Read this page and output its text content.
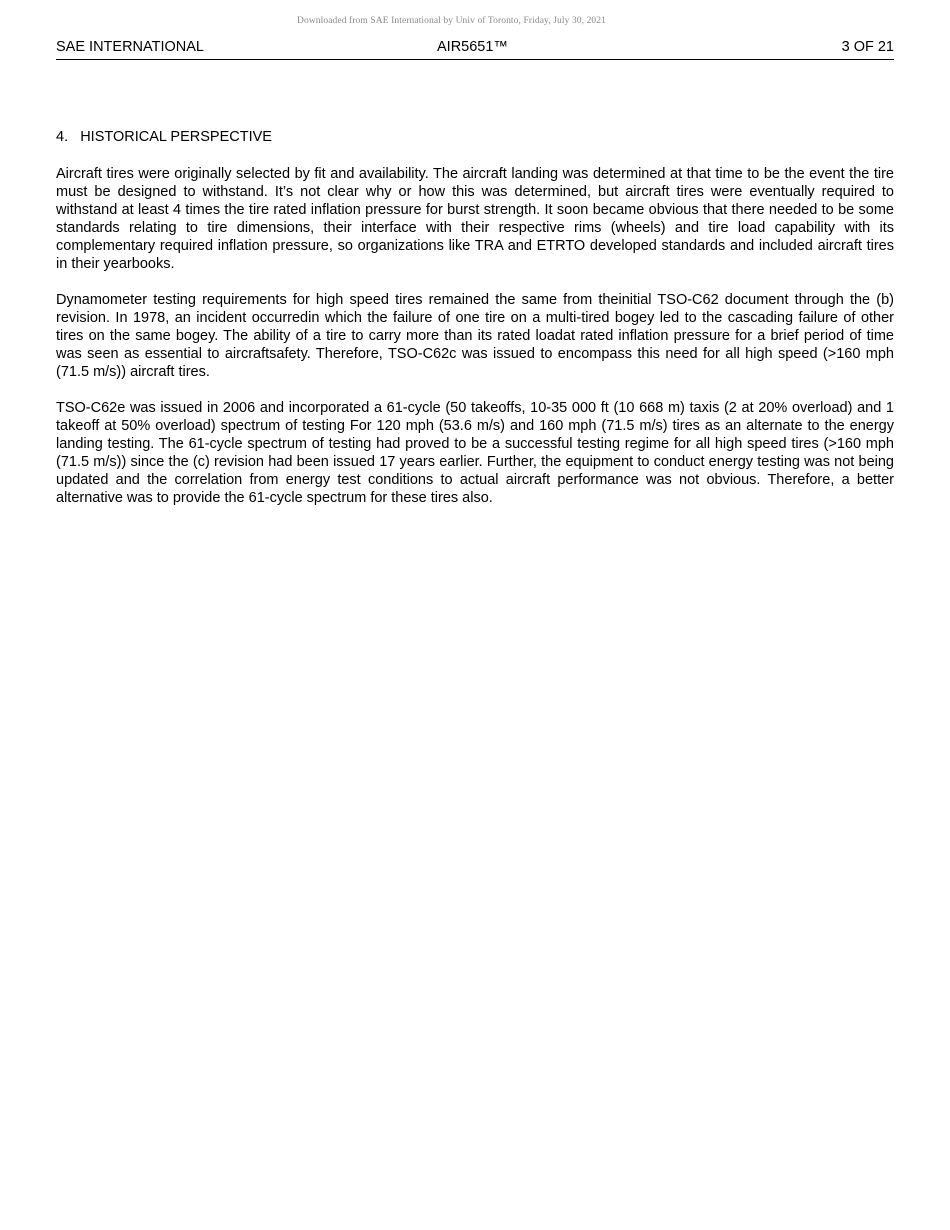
Downloaded from SAE International by Univ of Toronto, Friday, July 30, 2021
SAE INTERNATIONAL	AIR5651™	3 OF 21
4. HISTORICAL PERSPECTIVE

Aircraft tires were originally selected by fit and availability. The aircraft landing was determined at that time to be the event the tire must be designed to withstand. It’s not clear why or how this was determined, but aircraft tires were eventually required to withstand at least 4 times the tire rated inflation pressure for burst strength. It soon became obvious that there needed to be some standards relating to tire dimensions, their interface with their respective rims (wheels) and tire load capability with its complementary required inflation pressure, so organizations like TRA and ETRTO developed standards and included aircraft tires in their yearbooks.

Dynamometer testing requirements for high speed tires remained the same from theinitial TSO-C62 document through the (b) revision. In 1978, an incident occurredin which the failure of one tire on a multi-tired bogey led to the cascading failure of other tires on the same bogey. The ability of a tire to carry more than its rated loadat rated inflation pressure for a brief period of time was seen as essential to aircraftsafety. Therefore, TSO-C62c was issued to encompass this need for all high speed (>160 mph (71.5 m/s)) aircraft tires.

TSO-C62e was issued in 2006 and incorporated a 61-cycle (50 takeoffs, 10-35 000 ft (10 668 m) taxis (2 at 20% overload) and 1 takeoff at 50% overload) spectrum of testing For 120 mph (53.6 m/s) and 160 mph (71.5 m/s) tires as an alternate to the energy landing testing. The 61-cycle spectrum of testing had proved to be a successful testing regime for all high speed tires (>160 mph (71.5 m/s)) since the (c) revision had been issued 17 years earlier. Further, the equipment to conduct energy testing was not being updated and the correlation from energy test conditions to actual aircraft performance was not obvious. Therefore, a better alternative was to provide the 61-cycle spectrum for these tires also.
